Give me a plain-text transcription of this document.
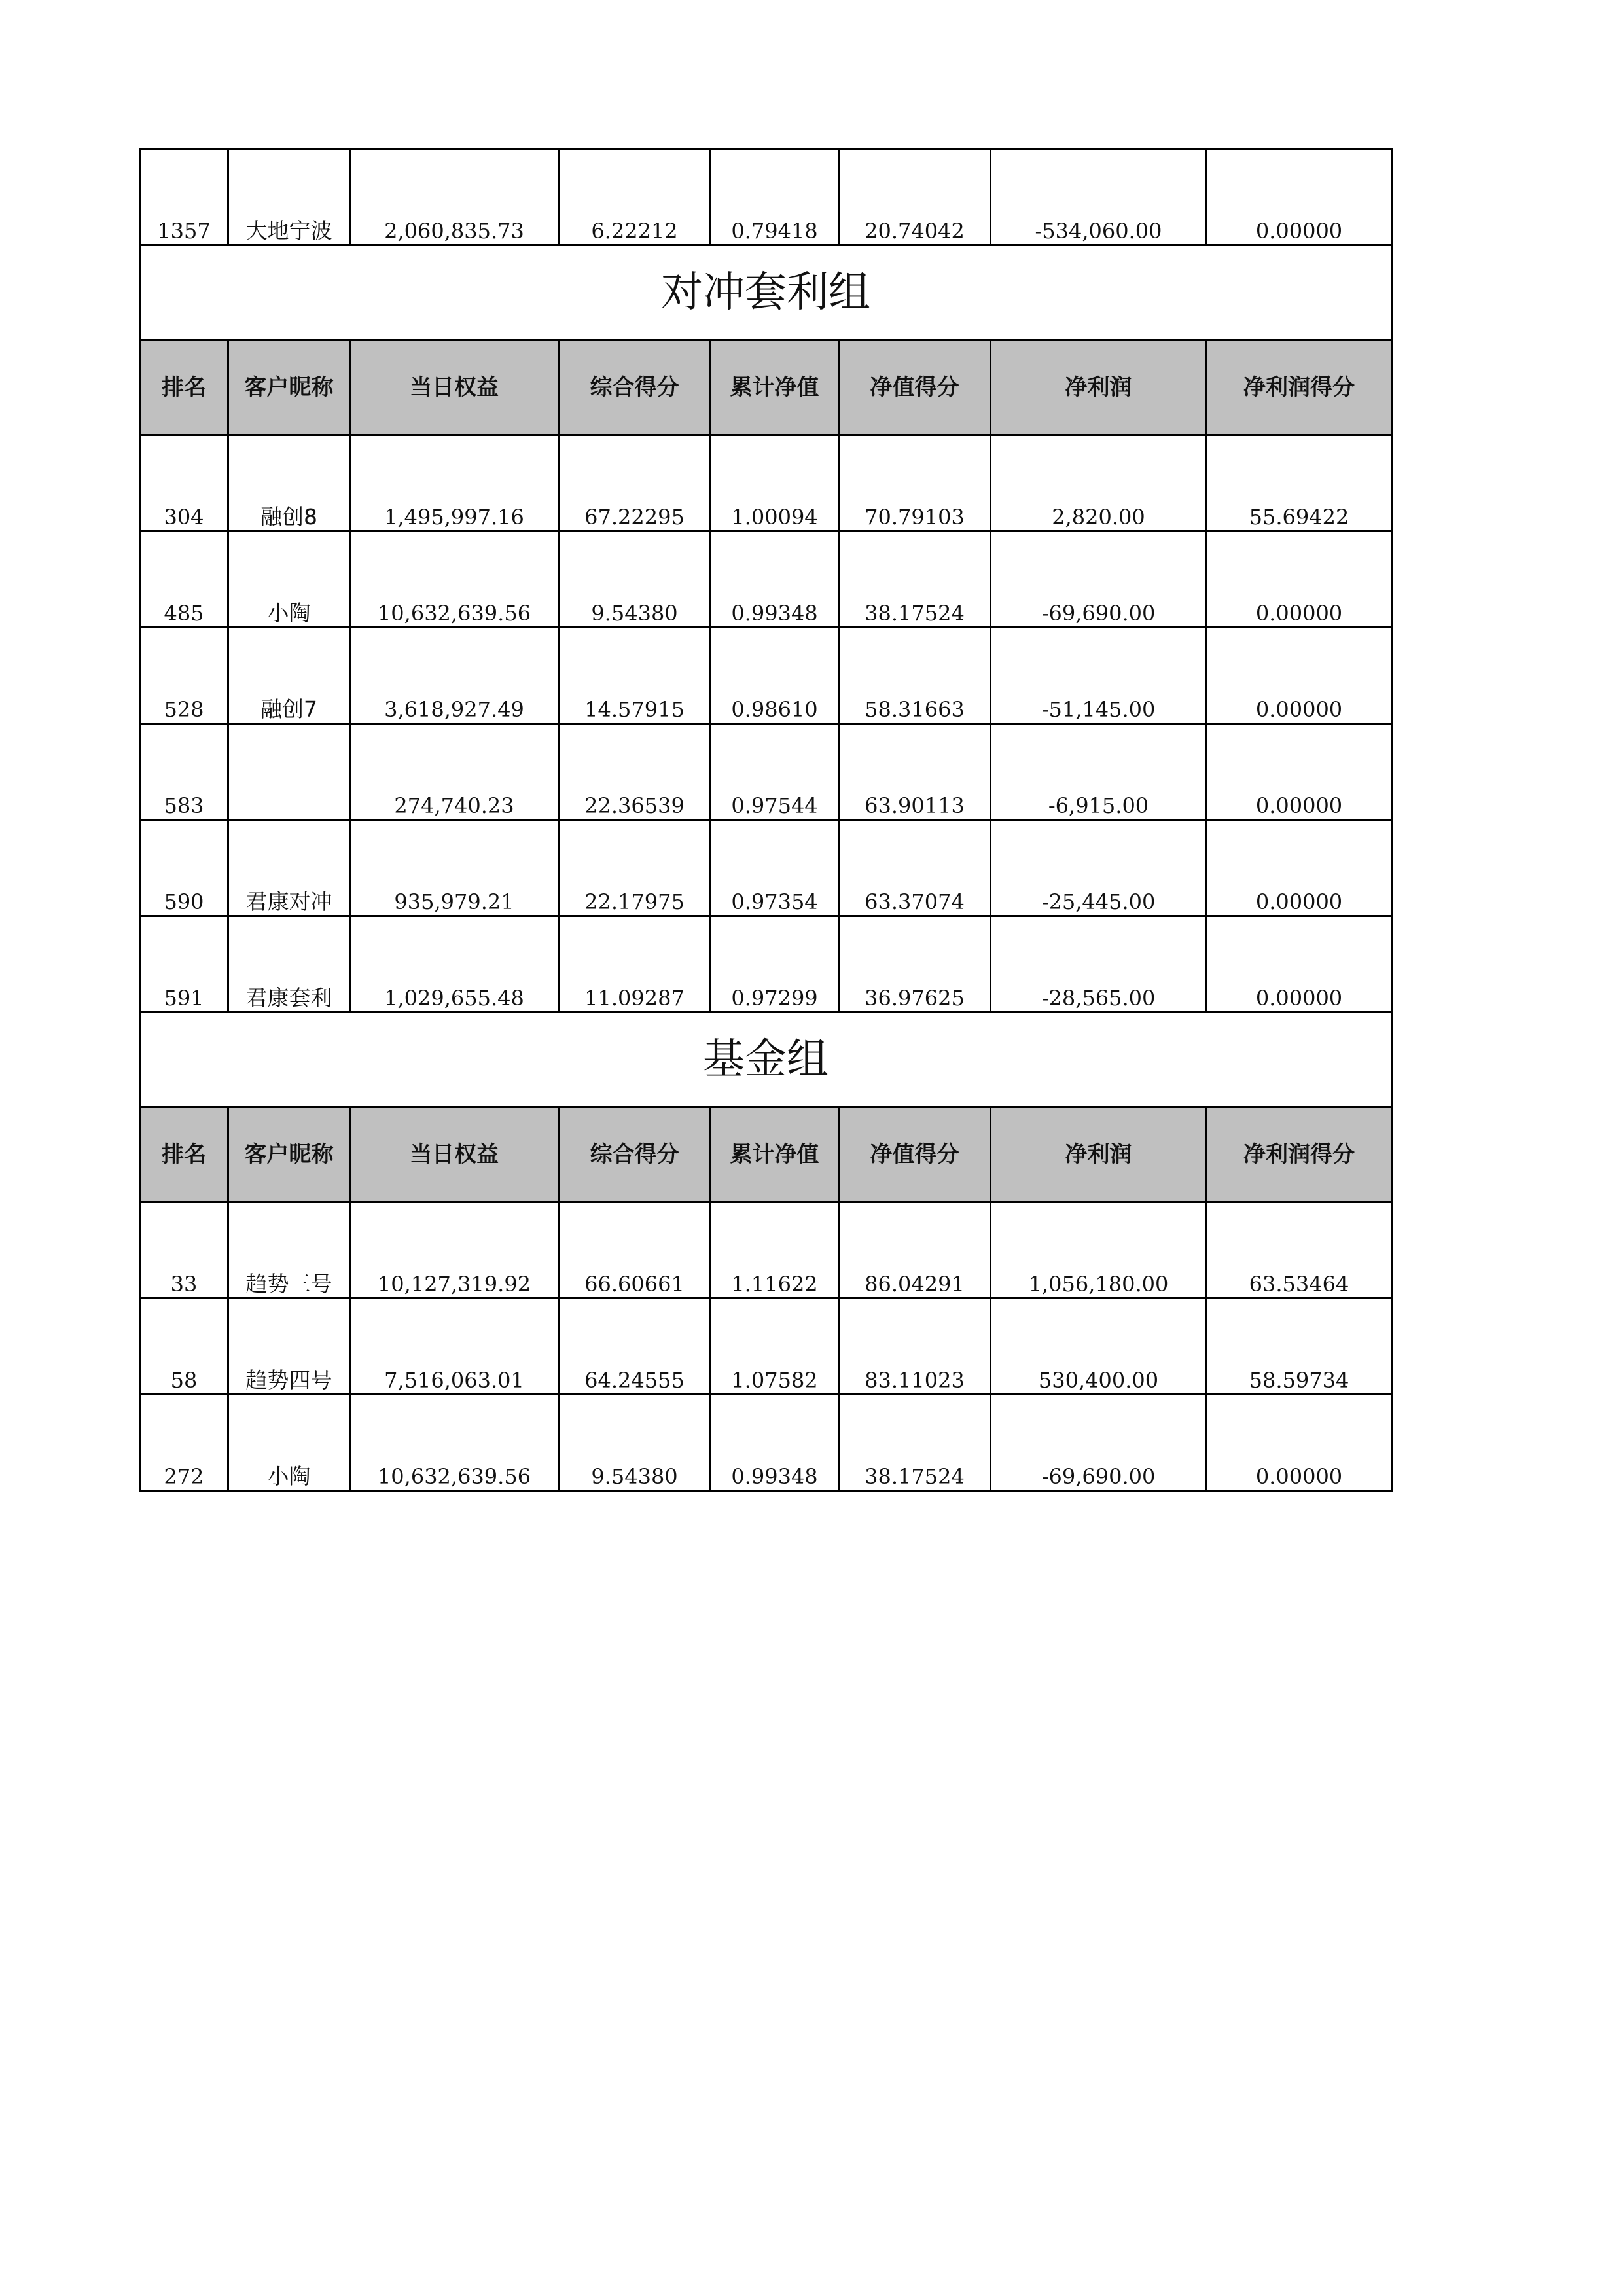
1357	大地宁波	2,060,835.73	6.22212	0.79418	20.74042	-534,060.00	0.00000
对冲套利组							
排名	客户昵称	当日权益	综合得分	累计净值	净值得分	净利润	净利润得分
304	融创8	1,495,997.16	67.22295	1.00094	70.79103	2,820.00	55.69422
485	小陶	10,632,639.56	9.54380	0.99348	38.17524	-69,690.00	0.00000
528	融创7	3,618,927.49	14.57915	0.98610	58.31663	-51,145.00	0.00000
583		274,740.23	22.36539	0.97544	63.90113	-6,915.00	0.00000
590	君康对冲	935,979.21	22.17975	0.97354	63.37074	-25,445.00	0.00000
591	君康套利	1,029,655.48	11.09287	0.97299	36.97625	-28,565.00	0.00000
基金组							
排名	客户昵称	当日权益	综合得分	累计净值	净值得分	净利润	净利润得分
33	趋势三号	10,127,319.92	66.60661	1.11622	86.04291	1,056,180.00	63.53464
58	趋势四号	7,516,063.01	64.24555	1.07582	83.11023	530,400.00	58.59734
272	小陶	10,632,639.56	9.54380	0.99348	38.17524	-69,690.00	0.00000
